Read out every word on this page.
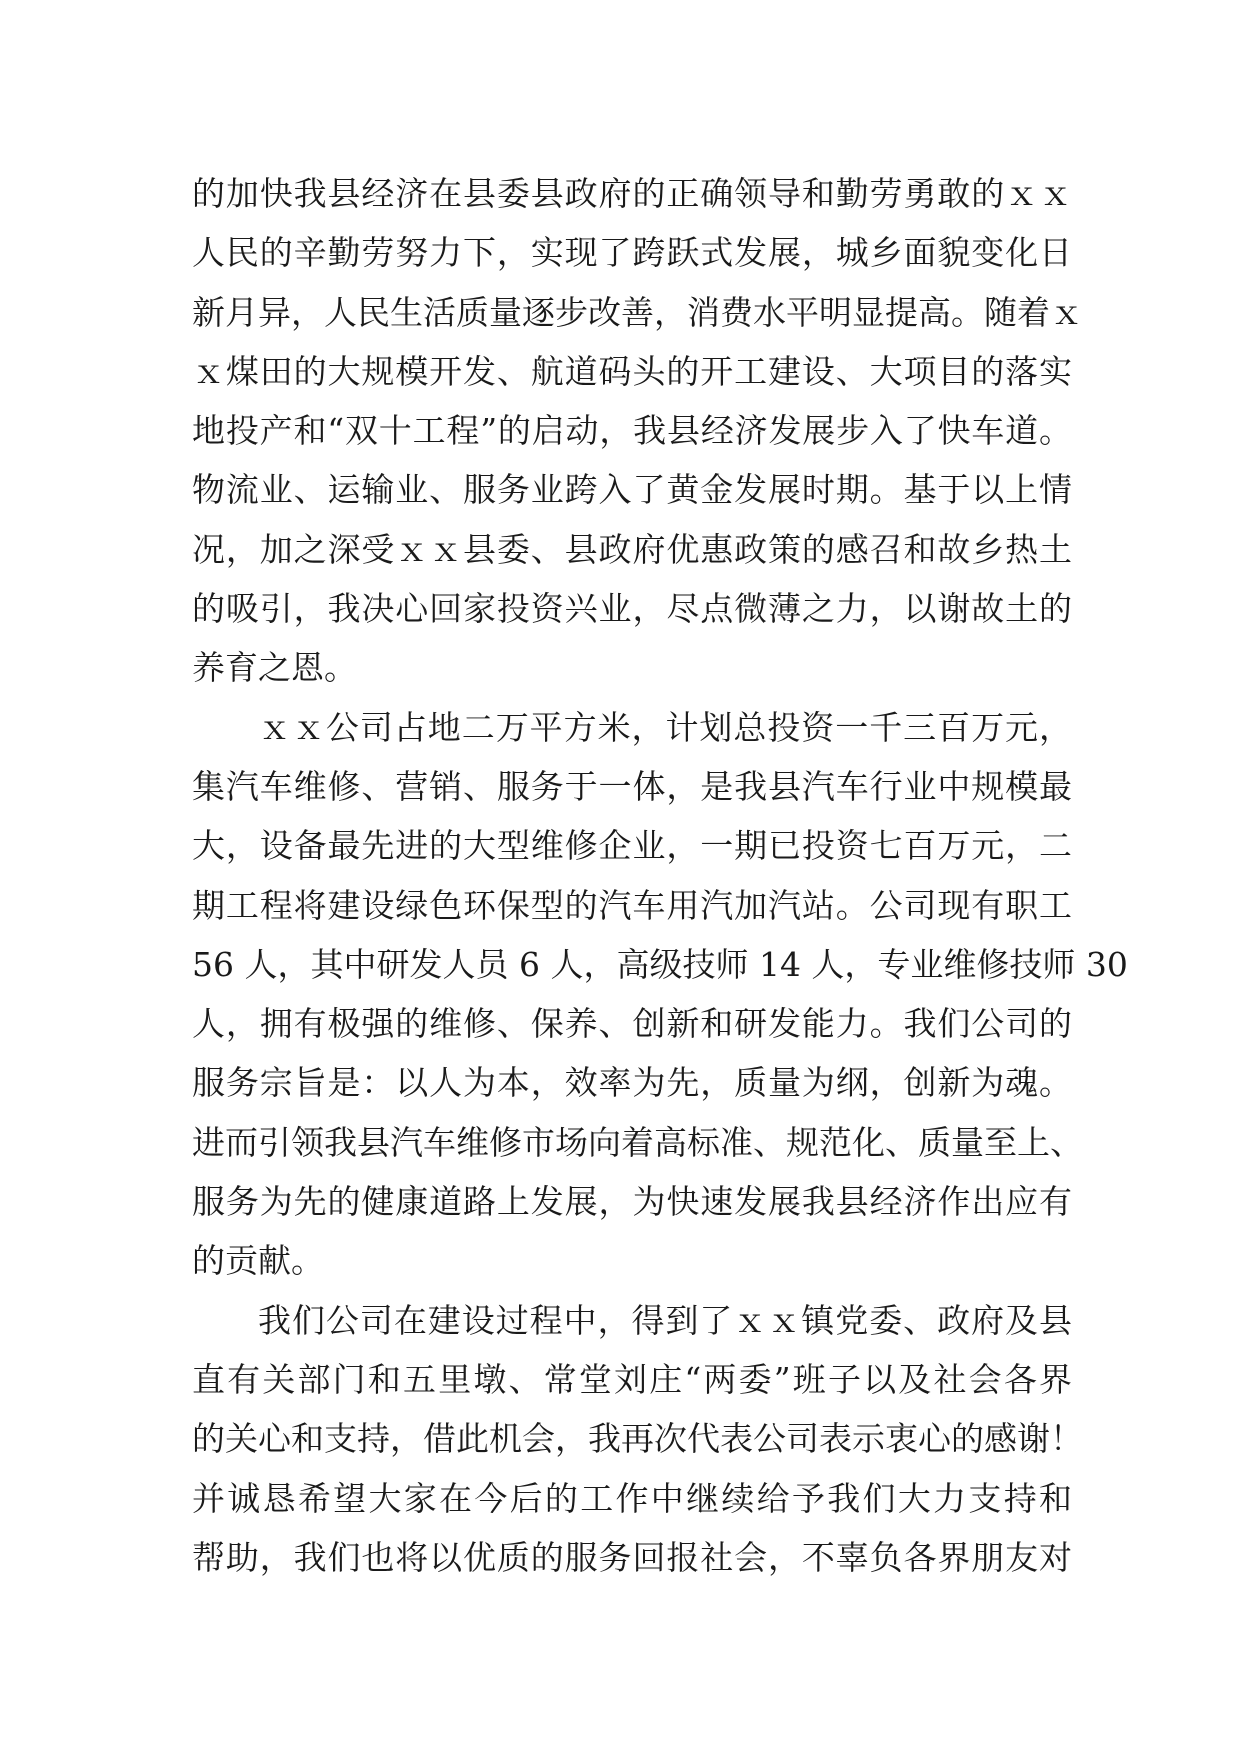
的加快我县经济在县委县政府的正确领导和勤劳勇敢的ｘｘ
人民的辛勤劳努力下，实现了跨跃式发展，城乡面貌变化日
新月异，人民生活质量逐步改善，消费水平明显提高。随着ｘ
ｘ煤田的大规模开发、航道码头的开工建设、大项目的落实
地投产和“双十工程”的启动，我县经济发展步入了快车道。
物流业、运输业、服务业跨入了黄金发展时期。基于以上情
况，加之深受ｘｘ县委、县政府优惠政策的感召和故乡热土
的吸引，我决心回家投资兴业，尽点微薄之力，以谢故土的
养育之恩。
ｘｘ公司占地二万平方米，计划总投资一千三百万元，
集汽车维修、营销、服务于一体，是我县汽车行业中规模最
大，设备最先进的大型维修企业，一期已投资七百万元，二
期工程将建设绿色环保型的汽车用汽加汽站。公司现有职工
56 人，其中研发人员 6 人，高级技师 14 人，专业维修技师 30
人，拥有极强的维修、保养、创新和研发能力。我们公司的
服务宗旨是：以人为本，效率为先，质量为纲，创新为魂。
进而引领我县汽车维修市场向着高标准、规范化、质量至上、
服务为先的健康道路上发展，为快速发展我县经济作出应有
的贡献。
我们公司在建设过程中，得到了ｘｘ镇党委、政府及县
直有关部门和五里墩、常堂刘庄“两委”班子以及社会各界
的关心和支持，借此机会，我再次代表公司表示衷心的感谢！
并诚恳希望大家在今后的工作中继续给予我们大力支持和
帮助，我们也将以优质的服务回报社会，不辜负各界朋友对
